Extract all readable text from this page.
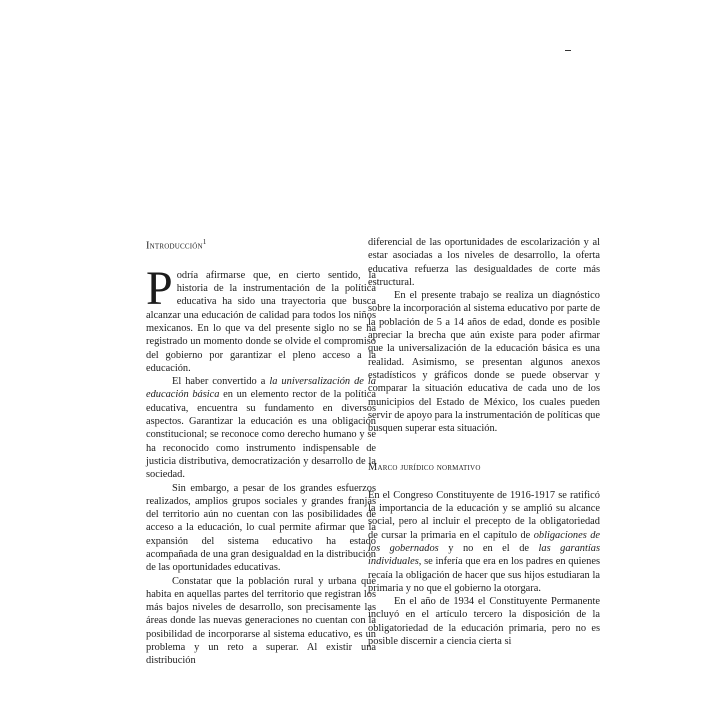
–
Introducción$^1$

Podría afirmarse que, en cierto sentido, la historia de la instrumentación de la política educativa ha sido una trayectoria que busca alcanzar una educación de calidad para todos los niños mexicanos. En lo que va del presente siglo no se ha registrado un momento donde se olvide el compromiso del gobierno por garantizar el pleno acceso a la educación.

El haber convertido a la universalización de la educación básica en un elemento rector de la política educativa, encuentra su fundamento en diversos aspectos. Garantizar la educación es una obligación constitucional; se reconoce como derecho humano y se ha reconocido como instrumento indispensable de justicia distributiva, democratización y desarrollo de la sociedad.

Sin embargo, a pesar de los grandes esfuerzos realizados, amplios grupos sociales y grandes franjas del territorio aún no cuentan con las posibilidades de acceso a la educación, lo cual permite afirmar que la expansión del sistema educativo ha estado acompañada de una gran desigualdad en la distribución de las oportunidades educativas.

Constatar que la población rural y urbana que habita en aquellas partes del territorio que registran los más bajos niveles de desarrollo, son precisamente las áreas donde las nuevas generaciones no cuentan con la posibilidad de incorporarse al sistema educativo, es un problema y un reto a superar. Al existir una distribución

diferencial de las oportunidades de escolarización y al estar asociadas a los niveles de desarrollo, la oferta educativa refuerza las desigualdades de corte más estructural.

En el presente trabajo se realiza un diagnóstico sobre la incorporación al sistema educativo por parte de la población de 5 a 14 años de edad, donde es posible apreciar la brecha que aún existe para poder afirmar que la universalización de la educación básica es una realidad. Asimismo, se presentan algunos anexos estadísticos y gráficos donde se puede observar y comparar la situación educativa de cada uno de los municipios del Estado de México, los cuales pueden servir de apoyo para la instrumentación de políticas que busquen superar esta situación.

Marco jurídico normativo

En el Congreso Constituyente de 1916-1917 se ratificó la importancia de la educación y se amplió su alcance social, pero al incluir el precepto de la obligatoriedad de cursar la primaria en el capítulo de obligaciones de los gobernados y no en el de las garantías individuales, se infería que era en los padres en quienes recaía la obligación de hacer que sus hijos estudiaran la primaria y no que el gobierno la otorgara.

En el año de 1934 el Constituyente Permanente incluyó en el artículo tercero la disposición de la obligatoriedad de la educación primaria, pero no es posible discernir a ciencia cierta si
